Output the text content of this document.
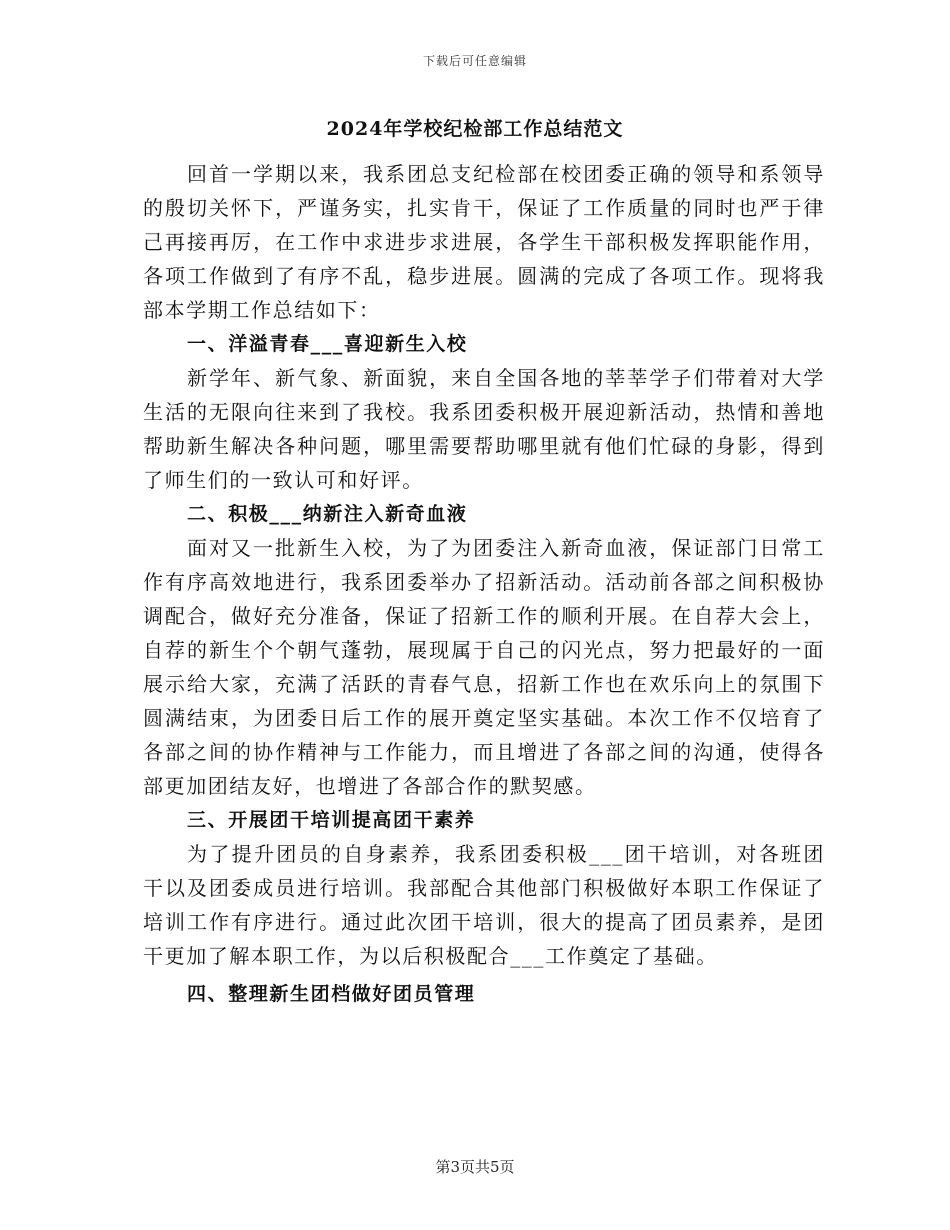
下载后可任意编辑
2024年学校纪检部工作总结范文

回首一学期以来，我系团总支纪检部在校团委正确的领导和系领导的殷切关怀下，严谨务实，扎实肯干，保证了工作质量的同时也严于律己再接再厉，在工作中求进步求进展，各学生干部积极发挥职能作用，各项工作做到了有序不乱，稳步进展。圆满的完成了各项工作。现将我部本学期工作总结如下：

一、洋溢青春___喜迎新生入校

新学年、新气象、新面貌，来自全国各地的莘莘学子们带着对大学生活的无限向往来到了我校。我系团委积极开展迎新活动，热情和善地帮助新生解决各种问题，哪里需要帮助哪里就有他们忙碌的身影，得到了师生们的一致认可和好评。

二、积极___纳新注入新奇血液

面对又一批新生入校，为了为团委注入新奇血液，保证部门日常工作有序高效地进行，我系团委举办了招新活动。活动前各部之间积极协调配合，做好充分准备，保证了招新工作的顺利开展。在自荐大会上，自荐的新生个个朝气蓬勃，展现属于自己的闪光点，努力把最好的一面展示给大家，充满了活跃的青春气息，招新工作也在欢乐向上的氛围下圆满结束，为团委日后工作的展开奠定坚实基础。本次工作不仅培育了各部之间的协作精神与工作能力，而且增进了各部之间的沟通，使得各部更加团结友好，也增进了各部合作的默契感。

三、开展团干培训提高团干素养

为了提升团员的自身素养，我系团委积极___团干培训，对各班团干以及团委成员进行培训。我部配合其他部门积极做好本职工作保证了培训工作有序进行。通过此次团干培训，很大的提高了团员素养，是团干更加了解本职工作，为以后积极配合___工作奠定了基础。

四、整理新生团档做好团员管理

第3页共5页
